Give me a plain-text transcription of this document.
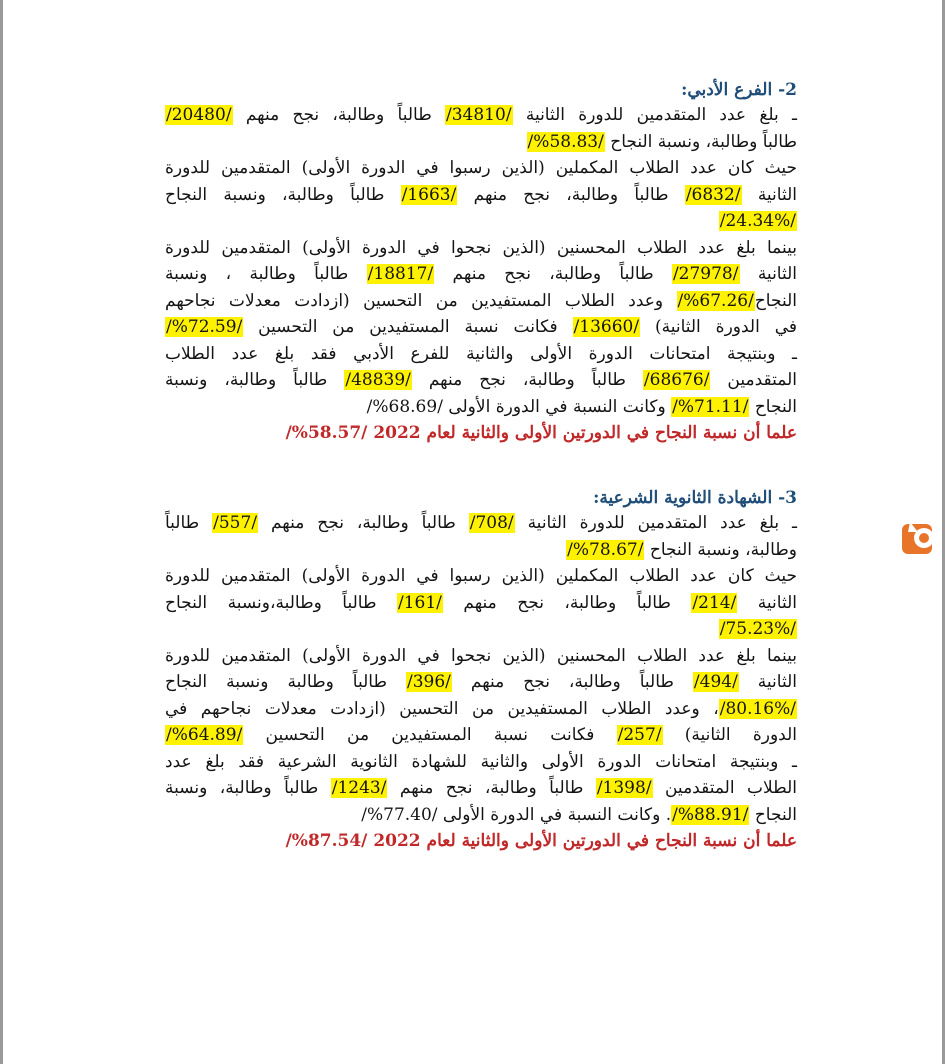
2- الفرع الأدبي:
ـ بلغ عدد المتقدمين للدورة الثانية /34810/ طالباً وطالبة، نجح منهم /20480/
طالباً وطالبة، ونسبة النجاح /58.83%/
حيث كان عدد الطلاب المكملين (الذين رسبوا في الدورة الأولى) المتقدمين للدورة
الثانية /6832/ طالباً وطالبة، نجح منهم /1663/ طالباً وطالبة، ونسبة النجاح
/24.34%/
بينما بلغ عدد الطلاب المحسنين (الذين نجحوا في الدورة الأولى) المتقدمين للدورة
الثانية /27978/ طالباً وطالبة، نجح منهم /18817/ طالباً وطالبة ، ونسبة
النجاح/67.26%/ وعدد الطلاب المستفيدين من التحسين (ازدادت معدلات نجاحهم
في الدورة الثانية) /13660/ فكانت نسبة المستفيدين من التحسين /72.59%/
ـ وبنتيجة امتحانات الدورة الأولى والثانية للفرع الأدبي فقد بلغ عدد الطلاب
المتقدمين /68676/ طالباً وطالبة، نجح منهم /48839/ طالباً وطالبة، ونسبة
النجاح /71.11%/ وكانت النسبة في الدورة الأولى /68.69%/
علما أن نسبة النجاح في الدورتين الأولى والثانية لعام 2022 /58.57%/
3- الشهادة الثانوية الشرعية:
ـ بلغ عدد المتقدمين للدورة الثانية /708/ طالباً وطالبة، نجح منهم /557/ طالباً
وطالبة، ونسبة النجاح /78.67%/
حيث كان عدد الطلاب المكملين (الذين رسبوا في الدورة الأولى) المتقدمين للدورة
الثانية /214/ طالباً وطالبة، نجح منهم /161/ طالباً وطالبة،ونسبة النجاح
/75.23%/
بينما بلغ عدد الطلاب المحسنين (الذين نجحوا في الدورة الأولى) المتقدمين للدورة
الثانية /494/ طالباً وطالبة، نجح منهم /396/ طالباً وطالبة ونسبة النجاح
/80.16%/، وعدد الطلاب المستفيدين من التحسين (ازدادت معدلات نجاحهم في
الدورة الثانية) /257/ فكانت نسبة المستفيدين من التحسين /64.89%/
ـ وبنتيجة امتحانات الدورة الأولى والثانية للشهادة الثانوية الشرعية فقد بلغ عدد
الطلاب المتقدمين /1398/ طالباً وطالبة، نجح منهم /1243/ طالباً وطالبة، ونسبة
النجاح /88.91%/. وكانت النسبة في الدورة الأولى /77.40%/
علما أن نسبة النجاح في الدورتين الأولى والثانية لعام 2022 /87.54%/
